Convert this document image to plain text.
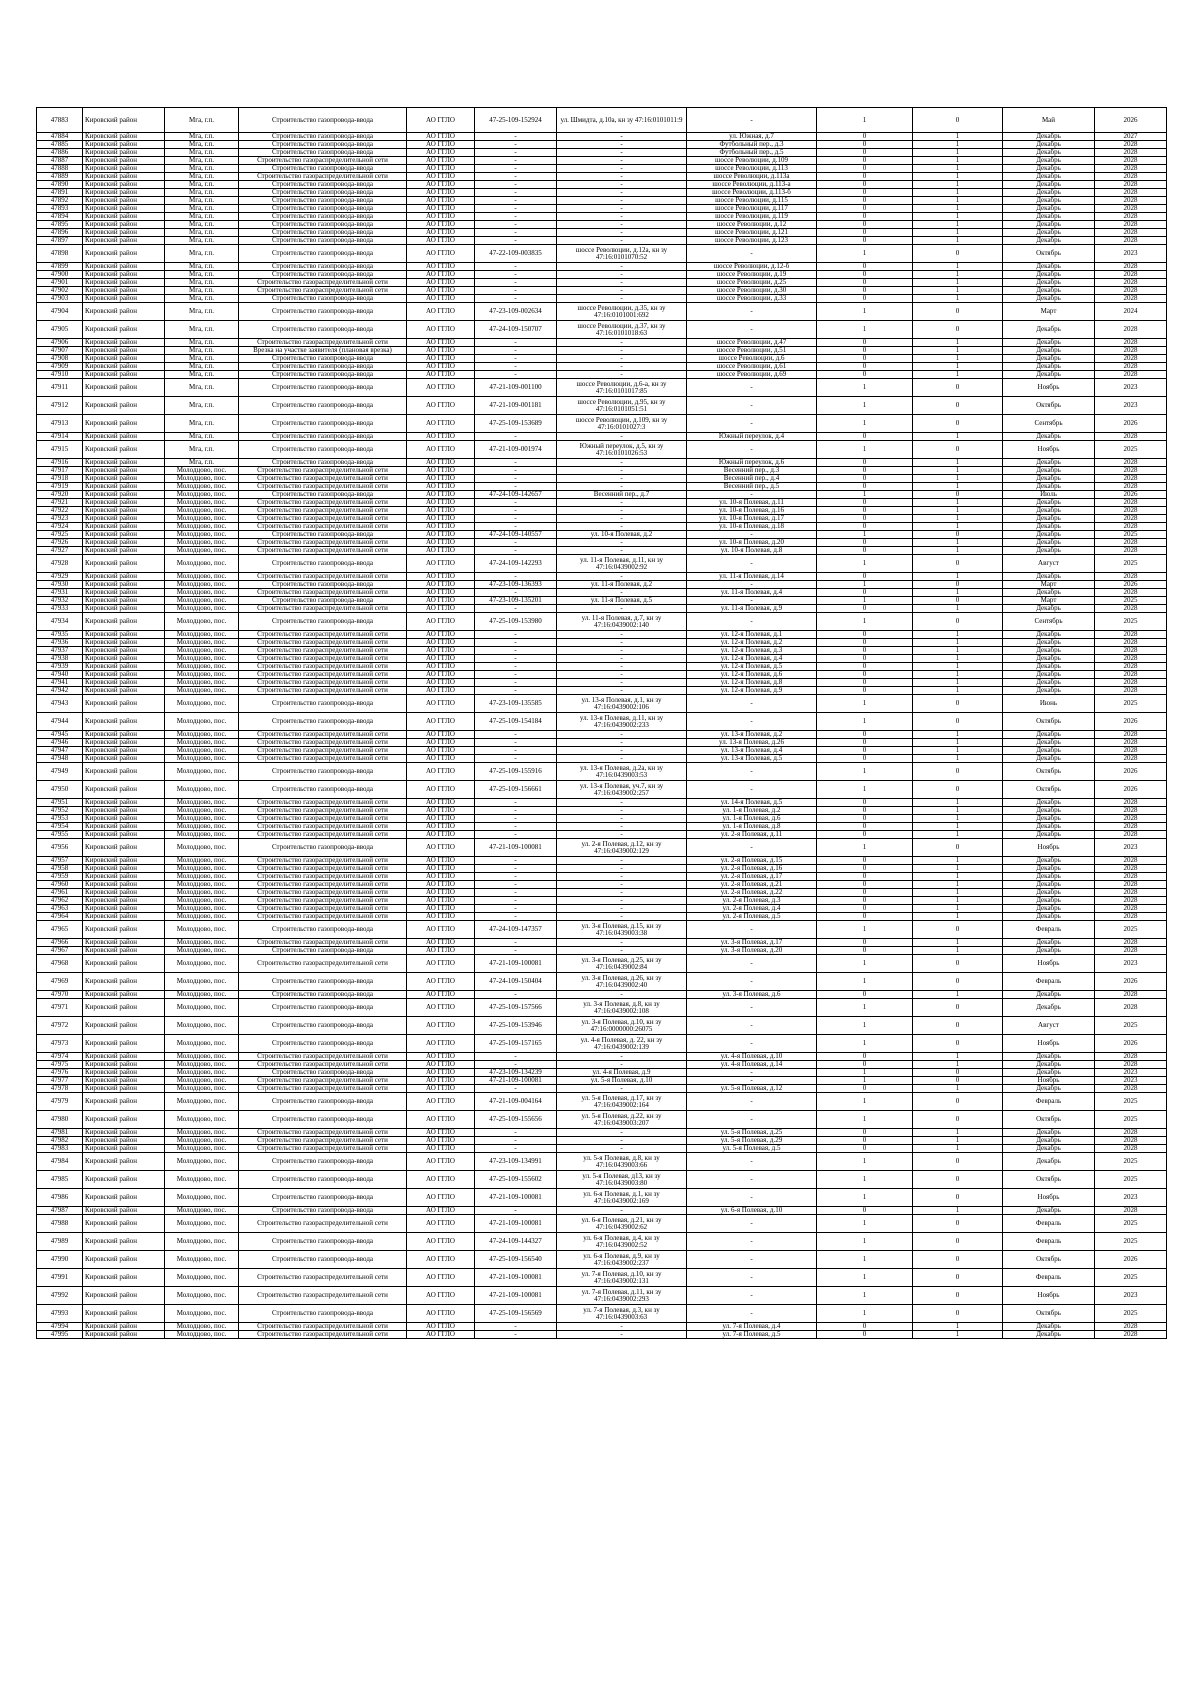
47883	Кировский район	Мга, г.п.	Строительство газопровода-ввода	АО ГГЛО	47-25-109-152924	ул. Шмидта, д.10а, кн зу 47:16:0101011:9	-	1	0	Май	2026
47884	Кировский район	Мга, г.п.	Строительство газопровода-ввода	АО ГГЛО	-	-	ул. Южная, д.7	0	1	Декабрь	2027
47885	Кировский район	Мга, г.п.	Строительство газопровода-ввода	АО ГГЛО	-	-	Футбольный пер., д.3	0	1	Декабрь	2028
47886	Кировский район	Мга, г.п.	Строительство газопровода-ввода	АО ГГЛО	-	-	Футбольный пер., д.5	0	1	Декабрь	2028
47887	Кировский район	Мга, г.п.	Строительство газораспределительной сети	АО ГГЛО	-	-	шоссе Революции, д.109	0	1	Декабрь	2028
47888	Кировский район	Мга, г.п.	Строительство газопровода-ввода	АО ГГЛО	-	-	шоссе Революции, д.113	0	1	Декабрь	2028
47889	Кировский район	Мга, г.п.	Строительство газораспределительной сети	АО ГГЛО	-	-	шоссе Революции, д.113а	0	1	Декабрь	2028
47890	Кировский район	Мга, г.п.	Строительство газопровода-ввода	АО ГГЛО	-	-	шоссе Революции, д.113-а	0	1	Декабрь	2028
47891	Кировский район	Мга, г.п.	Строительство газопровода-ввода	АО ГГЛО	-	-	шоссе Революции, д.113-б	0	1	Декабрь	2028
47892	Кировский район	Мга, г.п.	Строительство газопровода-ввода	АО ГГЛО	-	-	шоссе Революции, д.115	0	1	Декабрь	2028
47893	Кировский район	Мга, г.п.	Строительство газопровода-ввода	АО ГГЛО	-	-	шоссе Революции, д.117	0	1	Декабрь	2028
47894	Кировский район	Мга, г.п.	Строительство газопровода-ввода	АО ГГЛО	-	-	шоссе Революции, д.119	0	1	Декабрь	2028
47895	Кировский район	Мга, г.п.	Строительство газопровода-ввода	АО ГГЛО	-	-	шоссе Революции, д.12	0	1	Декабрь	2028
47896	Кировский район	Мга, г.п.	Строительство газопровода-ввода	АО ГГЛО	-	-	шоссе Революции, д.121	0	1	Декабрь	2028
47897	Кировский район	Мга, г.п.	Строительство газопровода-ввода	АО ГГЛО	-	-	шоссе Революции, д.123	0	1	Декабрь	2028
47898	Кировский район	Мга, г.п.	Строительство газопровода-ввода	АО ГГЛО	47-22-109-003835	шоссе Революции, д.12а, кн зу 47:16:0101070:52	-	1	0	Октябрь	2023
47899	Кировский район	Мга, г.п.	Строительство газопровода-ввода	АО ГГЛО	-	-	шоссе Революции, д.12-б	0	1	Декабрь	2028
47900	Кировский район	Мга, г.п.	Строительство газопровода-ввода	АО ГГЛО	-	-	шоссе Революции, д.19	0	1	Декабрь	2028
47901	Кировский район	Мга, г.п.	Строительство газораспределительной сети	АО ГГЛО	-	-	шоссе Революции, д.25	0	1	Декабрь	2028
47902	Кировский район	Мга, г.п.	Строительство газораспределительной сети	АО ГГЛО	-	-	шоссе Революции, д.30	0	1	Декабрь	2028
47903	Кировский район	Мга, г.п.	Строительство газопровода-ввода	АО ГГЛО	-	-	шоссе Революции, д.33	0	1	Декабрь	2028
47904	Кировский район	Мга, г.п.	Строительство газопровода-ввода	АО ГГЛО	47-23-109-002634	шоссе Революции, д.35, кн зу 47:16:0101001:692	-	1	0	Март	2024
47905	Кировский район	Мга, г.п.	Строительство газопровода-ввода	АО ГГЛО	47-24-109-150707	шоссе Революции, д.37, кн зу 47:16:0101018:63	-	1	0	Декабрь	2028
47906	Кировский район	Мга, г.п.	Строительство газораспределительной сети	АО ГГЛО	-	-	шоссе Революции, д.47	0	1	Декабрь	2028
47907	Кировский район	Мга, г.п.	Врезка на участке заявителя (плановая врезка)	АО ГГЛО	-	-	шоссе Революции, д.51	0	1	Декабрь	2028
47908	Кировский район	Мга, г.п.	Строительство газопровода-ввода	АО ГГЛО	-	-	шоссе Революции, д.6	0	1	Декабрь	2028
47909	Кировский район	Мга, г.п.	Строительство газопровода-ввода	АО ГГЛО	-	-	шоссе Революции, д.61	0	1	Декабрь	2028
47910	Кировский район	Мга, г.п.	Строительство газопровода-ввода	АО ГГЛО	-	-	шоссе Революции, д.69	0	1	Декабрь	2028
47911	Кировский район	Мга, г.п.	Строительство газопровода-ввода	АО ГГЛО	47-21-109-001100	шоссе Революции, д.6-а, кн зу 47:16:0101017:85	-	1	0	Ноябрь	2023
47912	Кировский район	Мга, г.п.	Строительство газопровода-ввода	АО ГГЛО	47-21-109-001181	шоссе Революции, д.95, кн зу 47:16:0101051:51	-	1	0	Октябрь	2023
47913	Кировский район	Мга, г.п.	Строительство газопровода-ввода	АО ГГЛО	47-25-109-153689	шоссе Революции, д.109, кн зу 47:16:0101027:3	-	1	0	Сентябрь	2026
47914	Кировский район	Мга, г.п.	Строительство газопровода-ввода	АО ГГЛО	-	-	Южный переулок, д.4	0	1	Декабрь	2028
47915	Кировский район	Мга, г.п.	Строительство газопровода-ввода	АО ГГЛО	47-21-109-001974	Южный переулок, д.5, кн зу 47:16:0101026:53	-	1	0	Ноябрь	2025
47916	Кировский район	Мга, г.п.	Строительство газопровода-ввода	АО ГГЛО	-	-	Южный переулок, д.6	0	1	Декабрь	2028
47917	Кировский район	Молодцово, пос.	Строительство газораспределительной сети	АО ГГЛО	-	-	Весенний пер., д.3	0	1	Декабрь	2028
47918	Кировский район	Молодцово, пос.	Строительство газораспределительной сети	АО ГГЛО	-	-	Весенний пер., д.4	0	1	Декабрь	2028
47919	Кировский район	Молодцово, пос.	Строительство газораспределительной сети	АО ГГЛО	-	-	Весенний пер., д.5	0	1	Декабрь	2028
47920	Кировский район	Молодцово, пос.	Строительство газопровода-ввода	АО ГГЛО	47-24-109-142657	Весенний пер., д.7	-	1	0	Июль	2026
47921	Кировский район	Молодцово, пос.	Строительство газораспределительной сети	АО ГГЛО	-	-	ул. 10-я Полевая, д.11	0	1	Декабрь	2028
47922	Кировский район	Молодцово, пос.	Строительство газораспределительной сети	АО ГГЛО	-	-	ул. 10-я Полевая, д.16	0	1	Декабрь	2028
47923	Кировский район	Молодцово, пос.	Строительство газораспределительной сети	АО ГГЛО	-	-	ул. 10-я Полевая, д.17	0	1	Декабрь	2028
47924	Кировский район	Молодцово, пос.	Строительство газораспределительной сети	АО ГГЛО	-	-	ул. 10-я Полевая, д.18	0	1	Декабрь	2028
47925	Кировский район	Молодцово, пос.	Строительство газопровода-ввода	АО ГГЛО	47-24-109-140557	ул. 10-я Полевая, д.2	-	1	0	Декабрь	2025
47926	Кировский район	Молодцово, пос.	Строительство газораспределительной сети	АО ГГЛО	-	-	ул. 10-я Полевая, д.20	0	1	Декабрь	2028
47927	Кировский район	Молодцово, пос.	Строительство газораспределительной сети	АО ГГЛО	-	-	ул. 10-я Полевая, д.8	0	1	Декабрь	2028
47928	Кировский район	Молодцово, пос.	Строительство газопровода-ввода	АО ГГЛО	47-24-109-142293	ул. 11-я Полевая, д.11, кн зу 47:16:0439002:92	-	1	0	Август	2025
47929	Кировский район	Молодцово, пос.	Строительство газораспределительной сети	АО ГГЛО	-	-	ул. 11-я Полевая, д.14	0	1	Декабрь	2028
47930	Кировский район	Молодцово, пос.	Строительство газопровода-ввода	АО ГГЛО	47-23-109-136393	ул. 11-я Полевая, д.2	-	1	0	Март	2026
47931	Кировский район	Молодцово, пос.	Строительство газораспределительной сети	АО ГГЛО	-	-	ул. 11-я Полевая, д.4	0	1	Декабрь	2028
47932	Кировский район	Молодцово, пос.	Строительство газопровода-ввода	АО ГГЛО	47-23-109-135201	ул. 11-я Полевая, д.5	-	1	0	Март	2025
47933	Кировский район	Молодцово, пос.	Строительство газораспределительной сети	АО ГГЛО	-	-	ул. 11-я Полевая, д.9	0	1	Декабрь	2028
47934	Кировский район	Молодцово, пос.	Строительство газопровода-ввода	АО ГГЛО	47-25-109-153980	ул. 11-я Полевая, д.7, кн зу 47:16:0439002:140	-	1	0	Сентябрь	2025
47935	Кировский район	Молодцово, пос.	Строительство газораспределительной сети	АО ГГЛО	-	-	ул. 12-я Полевая, д.1	0	1	Декабрь	2028
47936	Кировский район	Молодцово, пос.	Строительство газораспределительной сети	АО ГГЛО	-	-	ул. 12-я Полевая, д.2	0	1	Декабрь	2028
47937	Кировский район	Молодцово, пос.	Строительство газораспределительной сети	АО ГГЛО	-	-	ул. 12-я Полевая, д.3	0	1	Декабрь	2028
47938	Кировский район	Молодцово, пос.	Строительство газораспределительной сети	АО ГГЛО	-	-	ул. 12-я Полевая, д.4	0	1	Декабрь	2028
47939	Кировский район	Молодцово, пос.	Строительство газораспределительной сети	АО ГГЛО	-	-	ул. 12-я Полевая, д.5	0	1	Декабрь	2028
47940	Кировский район	Молодцово, пос.	Строительство газораспределительной сети	АО ГГЛО	-	-	ул. 12-я Полевая, д.6	0	1	Декабрь	2028
47941	Кировский район	Молодцово, пос.	Строительство газораспределительной сети	АО ГГЛО	-	-	ул. 12-я Полевая, д.8	0	1	Декабрь	2028
47942	Кировский район	Молодцово, пос.	Строительство газораспределительной сети	АО ГГЛО	-	-	ул. 12-я Полевая, д.9	0	1	Декабрь	2028
47943	Кировский район	Молодцово, пос.	Строительство газопровода-ввода	АО ГГЛО	47-23-109-135585	ул. 13-я Полевая, д.1, кн зу 47:16:0439002:106	-	1	0	Июнь	2025
47944	Кировский район	Молодцово, пос.	Строительство газопровода-ввода	АО ГГЛО	47-25-109-154184	ул. 13-я Полевая, д.11, кн зу 47:16:0439002:233	-	1	0	Октябрь	2026
47945	Кировский район	Молодцово, пос.	Строительство газораспределительной сети	АО ГГЛО	-	-	ул. 13-я Полевая, д.2	0	1	Декабрь	2028
47946	Кировский район	Молодцово, пос.	Строительство газораспределительной сети	АО ГГЛО	-	-	ул. 13-я Полевая, д.26	0	1	Декабрь	2028
47947	Кировский район	Молодцово, пос.	Строительство газораспределительной сети	АО ГГЛО	-	-	ул. 13-я Полевая, д.4	0	1	Декабрь	2028
47948	Кировский район	Молодцово, пос.	Строительство газораспределительной сети	АО ГГЛО	-	-	ул. 13-я Полевая, д.5	0	1	Декабрь	2028
47949	Кировский район	Молодцово, пос.	Строительство газопровода-ввода	АО ГГЛО	47-25-109-155916	ул. 13-я Полевая, д.2а, кн зу 47:16:0439003:53	-	1	0	Октябрь	2026
47950	Кировский район	Молодцово, пос.	Строительство газопровода-ввода	АО ГГЛО	47-25-109-156661	ул. 13-я Полевая, уч.7, кн зу 47:16:0439002:257	-	1	0	Октябрь	2026
47951	Кировский район	Молодцово, пос.	Строительство газораспределительной сети	АО ГГЛО	-	-	ул. 14-я Полевая, д.5	0	1	Декабрь	2028
47952	Кировский район	Молодцово, пос.	Строительство газораспределительной сети	АО ГГЛО	-	-	ул. 1-я Полевая, д.2	0	1	Декабрь	2028
47953	Кировский район	Молодцово, пос.	Строительство газораспределительной сети	АО ГГЛО	-	-	ул. 1-я Полевая, д.6	0	1	Декабрь	2028
47954	Кировский район	Молодцово, пос.	Строительство газораспределительной сети	АО ГГЛО	-	-	ул. 1-я Полевая, д.8	0	1	Декабрь	2028
47955	Кировский район	Молодцово, пос.	Строительство газораспределительной сети	АО ГГЛО	-	-	ул. 2-я Полевая, д.11	0	1	Декабрь	2028
47956	Кировский район	Молодцово, пос.	Строительство газопровода-ввода	АО ГГЛО	47-21-109-100081	ул. 2-я Полевая, д.12, кн зу 47:16:0439002:129	-	1	0	Ноябрь	2023
47957	Кировский район	Молодцово, пос.	Строительство газораспределительной сети	АО ГГЛО	-	-	ул. 2-я Полевая, д.15	0	1	Декабрь	2028
47958	Кировский район	Молодцово, пос.	Строительство газораспределительной сети	АО ГГЛО	-	-	ул. 2-я Полевая, д.16	0	1	Декабрь	2028
47959	Кировский район	Молодцово, пос.	Строительство газораспределительной сети	АО ГГЛО	-	-	ул. 2-я Полевая, д.17	0	1	Декабрь	2028
47960	Кировский район	Молодцово, пос.	Строительство газораспределительной сети	АО ГГЛО	-	-	ул. 2-я Полевая, д.21	0	1	Декабрь	2028
47961	Кировский район	Молодцово, пос.	Строительство газораспределительной сети	АО ГГЛО	-	-	ул. 2-я Полевая, д.22	0	1	Декабрь	2028
47962	Кировский район	Молодцово, пос.	Строительство газораспределительной сети	АО ГГЛО	-	-	ул. 2-я Полевая, д.3	0	1	Декабрь	2028
47963	Кировский район	Молодцово, пос.	Строительство газораспределительной сети	АО ГГЛО	-	-	ул. 2-я Полевая, д.4	0	1	Декабрь	2028
47964	Кировский район	Молодцово, пос.	Строительство газораспределительной сети	АО ГГЛО	-	-	ул. 2-я Полевая, д.5	0	1	Декабрь	2028
47965	Кировский район	Молодцово, пос.	Строительство газопровода-ввода	АО ГГЛО	47-24-109-147357	ул. 3-я Полевая, д.15, кн зу 47:16:0439003:38	-	1	0	Февраль	2025
47966	Кировский район	Молодцово, пос.	Строительство газораспределительной сети	АО ГГЛО	-	-	ул. 3-я Полевая, д.17	0	1	Декабрь	2028
47967	Кировский район	Молодцово, пос.	Строительство газопровода-ввода	АО ГГЛО	-	-	ул. 3-я Полевая, д.20	0	1	Декабрь	2028
47968	Кировский район	Молодцово, пос.	Строительство газораспределительной сети	АО ГГЛО	47-21-109-100081	ул. 3-я Полевая, д.25, кн зу 47:16:0439002:84	-	1	0	Ноябрь	2023
47969	Кировский район	Молодцово, пос.	Строительство газопровода-ввода	АО ГГЛО	47-24-109-150404	ул. 3-я Полевая, д.26, кн зу 47:16:0439002:40	-	1	0	Февраль	2026
47970	Кировский район	Молодцово, пос.	Строительство газопровода-ввода	АО ГГЛО	-	-	ул. 3-я Полевая, д.6	0	1	Декабрь	2028
47971	Кировский район	Молодцово, пос.	Строительство газопровода-ввода	АО ГГЛО	47-25-109-157566	ул. 3-я Полевая, д.8, кн зу 47:16:0439002:108	-	1	0	Декабрь	2028
47972	Кировский район	Молодцово, пос.	Строительство газопровода-ввода	АО ГГЛО	47-25-109-153946	ул. 3-я Полевая, д.10, кн зу 47:16:0000000:26075	-	1	0	Август	2025
47973	Кировский район	Молодцово, пос.	Строительство газопровода-ввода	АО ГГЛО	47-25-109-157165	ул. 4-я Полевая, д. 22, кн зу 47:16:0439002:139	-	1	0	Ноябрь	2026
47974	Кировский район	Молодцово, пос.	Строительство газораспределительной сети	АО ГГЛО	-	-	ул. 4-я Полевая, д.10	0	1	Декабрь	2028
47975	Кировский район	Молодцово, пос.	Строительство газораспределительной сети	АО ГГЛО	-	-	ул. 4-я Полевая, д.14	0	1	Декабрь	2028
47976	Кировский район	Молодцово, пос.	Строительство газопровода-ввода	АО ГГЛО	47-23-109-134239	ул. 4-я Полевая, д.9	-	1	0	Декабрь	2023
47977	Кировский район	Молодцово, пос.	Строительство газораспределительной сети	АО ГГЛО	47-21-109-100081	ул. 5-я Полевая, д.10	-	1	0	Ноябрь	2023
47978	Кировский район	Молодцово, пос.	Строительство газораспределительной сети	АО ГГЛО	-	-	ул. 5-я Полевая, д.12	0	1	Декабрь	2028
47979	Кировский район	Молодцово, пос.	Строительство газопровода-ввода	АО ГГЛО	47-21-109-004164	ул. 5-я Полевая, д.17, кн зу 47:16:0439002:164	-	1	0	Февраль	2025
47980	Кировский район	Молодцово, пос.	Строительство газопровода-ввода	АО ГГЛО	47-25-109-155656	ул. 5-я Полевая, д.22, кн зу 47:16:0439003:207	-	1	0	Октябрь	2025
47981	Кировский район	Молодцово, пос.	Строительство газораспределительной сети	АО ГГЛО	-	-	ул. 5-я Полевая, д.25	0	1	Декабрь	2028
47982	Кировский район	Молодцово, пос.	Строительство газораспределительной сети	АО ГГЛО	-	-	ул. 5-я Полевая, д.29	0	1	Декабрь	2028
47983	Кировский район	Молодцово, пос.	Строительство газораспределительной сети	АО ГГЛО	-	-	ул. 5-я Полевая, д.5	0	1	Декабрь	2028
47984	Кировский район	Молодцово, пос.	Строительство газопровода-ввода	АО ГГЛО	47-23-109-134991	ул. 5-я Полевая, д.8, кн зу 47:16:0439003:66	-	1	0	Декабрь	2025
47985	Кировский район	Молодцово, пос.	Строительство газопровода-ввода	АО ГГЛО	47-25-109-155602	ул. 5-я Полевая, д13, кн зу 47:16:0439003:80	-	1	0	Октябрь	2025
47986	Кировский район	Молодцово, пос.	Строительство газопровода-ввода	АО ГГЛО	47-21-109-100081	ул. 6-я Полевая, д.1, кн зу 47:16:0439002:169	-	1	0	Ноябрь	2023
47987	Кировский район	Молодцово, пос.	Строительство газопровода-ввода	АО ГГЛО	-	-	ул. 6-я Полевая, д.10	0	1	Декабрь	2028
47988	Кировский район	Молодцово, пос.	Строительство газораспределительной сети	АО ГГЛО	47-21-109-100081	ул. 6-я Полевая, д.21, кн зу 47:16:0439002:62	-	1	0	Февраль	2025
47989	Кировский район	Молодцово, пос.	Строительство газопровода-ввода	АО ГГЛО	47-24-109-144327	ул. 6-я Полевая, д.4, кн зу 47:16:0439002:52	-	1	0	Февраль	2025
47990	Кировский район	Молодцово, пос.	Строительство газопровода-ввода	АО ГГЛО	47-25-109-156540	ул. 6-я Полевая, д.9, кн зу 47:16:0439002:237	-	1	0	Октябрь	2026
47991	Кировский район	Молодцово, пос.	Строительство газораспределительной сети	АО ГГЛО	47-21-109-100081	ул. 7-я Полевая, д.10, кн зу 47:16:0439002:131	-	1	0	Февраль	2025
47992	Кировский район	Молодцово, пос.	Строительство газораспределительной сети	АО ГГЛО	47-21-109-100081	ул. 7-я Полевая, д.11, кн зу 47:16:0439002:293	-	1	0	Ноябрь	2023
47993	Кировский район	Молодцово, пос.	Строительство газопровода-ввода	АО ГГЛО	47-25-109-156569	ул. 7-я Полевая, д.3, кн зу 47:16:0439003:63	-	1	0	Октябрь	2025
47994	Кировский район	Молодцово, пос.	Строительство газораспределительной сети	АО ГГЛО	-	-	ул. 7-я Полевая, д.4	0	1	Декабрь	2028
47995	Кировский район	Молодцово, пос.	Строительство газораспределительной сети	АО ГГЛО	-	-	ул. 7-я Полевая, д.5	0	1	Декабрь	2028
